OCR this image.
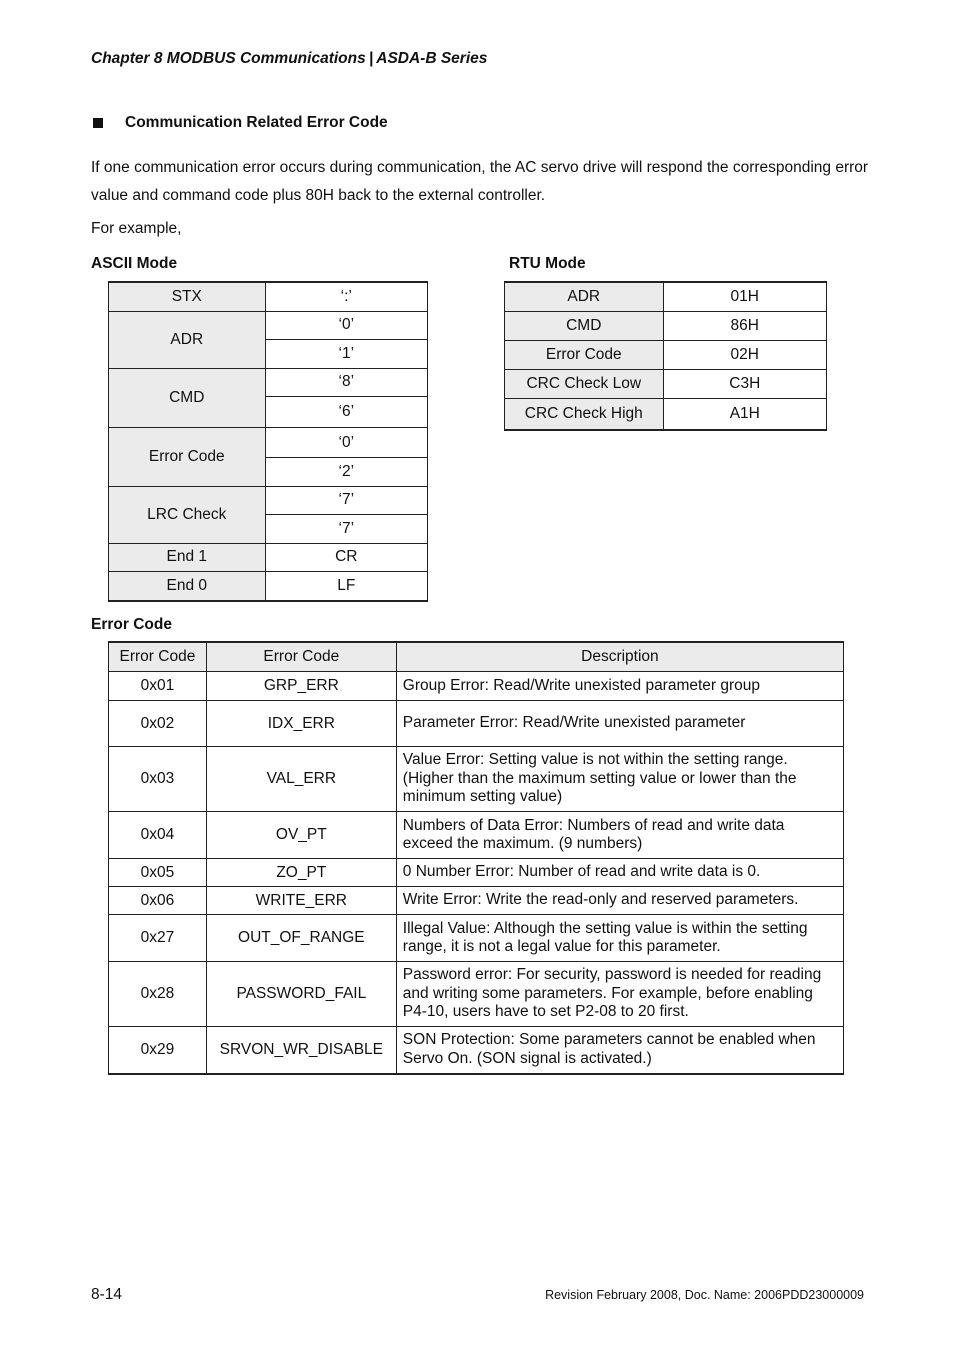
Chapter 8 MODBUS Communications | ASDA-B Series
Communication Related Error Code
If one communication error occurs during communication, the AC servo drive will respond the corresponding error value and command code plus 80H back to the external controller.
For example,
ASCII Mode	RTU Mode
STX	‘:’
ADR	‘0’
	‘1’
CMD	‘8’
	‘6’
Error Code	‘0’
	‘2’
LRC Check	‘7’
	‘7’
End 1	CR
End 0	LF
ADR	01H
CMD	86H
Error Code	02H
CRC Check Low	C3H
CRC Check High	A1H
Error Code
Error Code	Error Code	Description
0x01	GRP_ERR	Group Error: Read/Write unexisted parameter group
0x02	IDX_ERR	Parameter Error: Read/Write unexisted parameter
0x03	VAL_ERR	Value Error: Setting value is not within the setting range. (Higher than the maximum setting value or lower than the minimum setting value)
0x04	OV_PT	Numbers of Data Error: Numbers of read and write data exceed the maximum. (9 numbers)
0x05	ZO_PT	0 Number Error: Number of read and write data is 0.
0x06	WRITE_ERR	Write Error: Write the read-only and reserved parameters.
0x27	OUT_OF_RANGE	Illegal Value: Although the setting value is within the setting range, it is not a legal value for this parameter.
0x28	PASSWORD_FAIL	Password error: For security, password is needed for reading and writing some parameters. For example, before enabling P4-10, users have to set P2-08 to 20 first.
0x29	SRVON_WR_DISABLE	SON Protection: Some parameters cannot be enabled when Servo On. (SON signal is activated.)
8-14	Revision February 2008, Doc. Name: 2006PDD23000009
